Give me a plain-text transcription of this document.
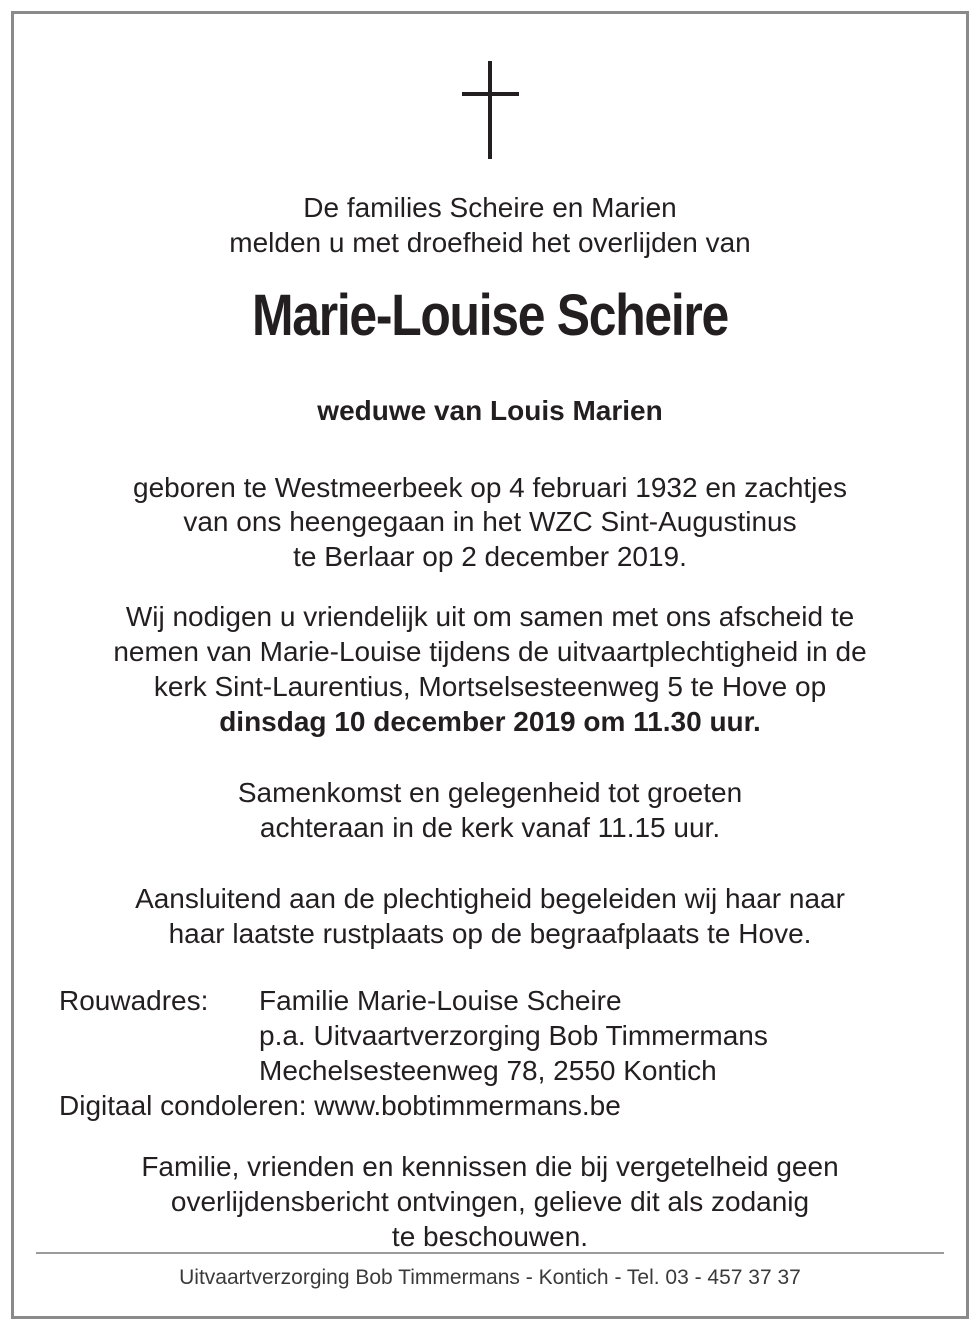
De families Scheire en Marien
melden u met droefheid het overlijden van
Marie-Louise Scheire
weduwe van Louis Marien
geboren te Westmeerbeek op 4 februari 1932 en zachtjes
van ons heengegaan in het WZC Sint-Augustinus
te Berlaar op 2 december 2019.
Wij nodigen u vriendelijk uit om samen met ons afscheid te
nemen van Marie-Louise tijdens de uitvaartplechtigheid in de
kerk Sint-Laurentius, Mortselsesteenweg 5 te Hove op
dinsdag 10 december 2019 om 11.30 uur.
Samenkomst en gelegenheid tot groeten
achteraan in de kerk vanaf 11.15 uur.
Aansluitend aan de plechtigheid begeleiden wij haar naar
haar laatste rustplaats op de begraafplaats te Hove.
Rouwadres: Familie Marie-Louise Scheire
p.a. Uitvaartverzorging Bob Timmermans
Mechelsesteenweg 78, 2550 Kontich
Digitaal condoleren: www.bobtimmermans.be
Familie, vrienden en kennissen die bij vergetelheid geen
overlijdensbericht ontvingen, gelieve dit als zodanig
te beschouwen.
Uitvaartverzorging Bob Timmermans - Kontich - Tel. 03 - 457 37 37
